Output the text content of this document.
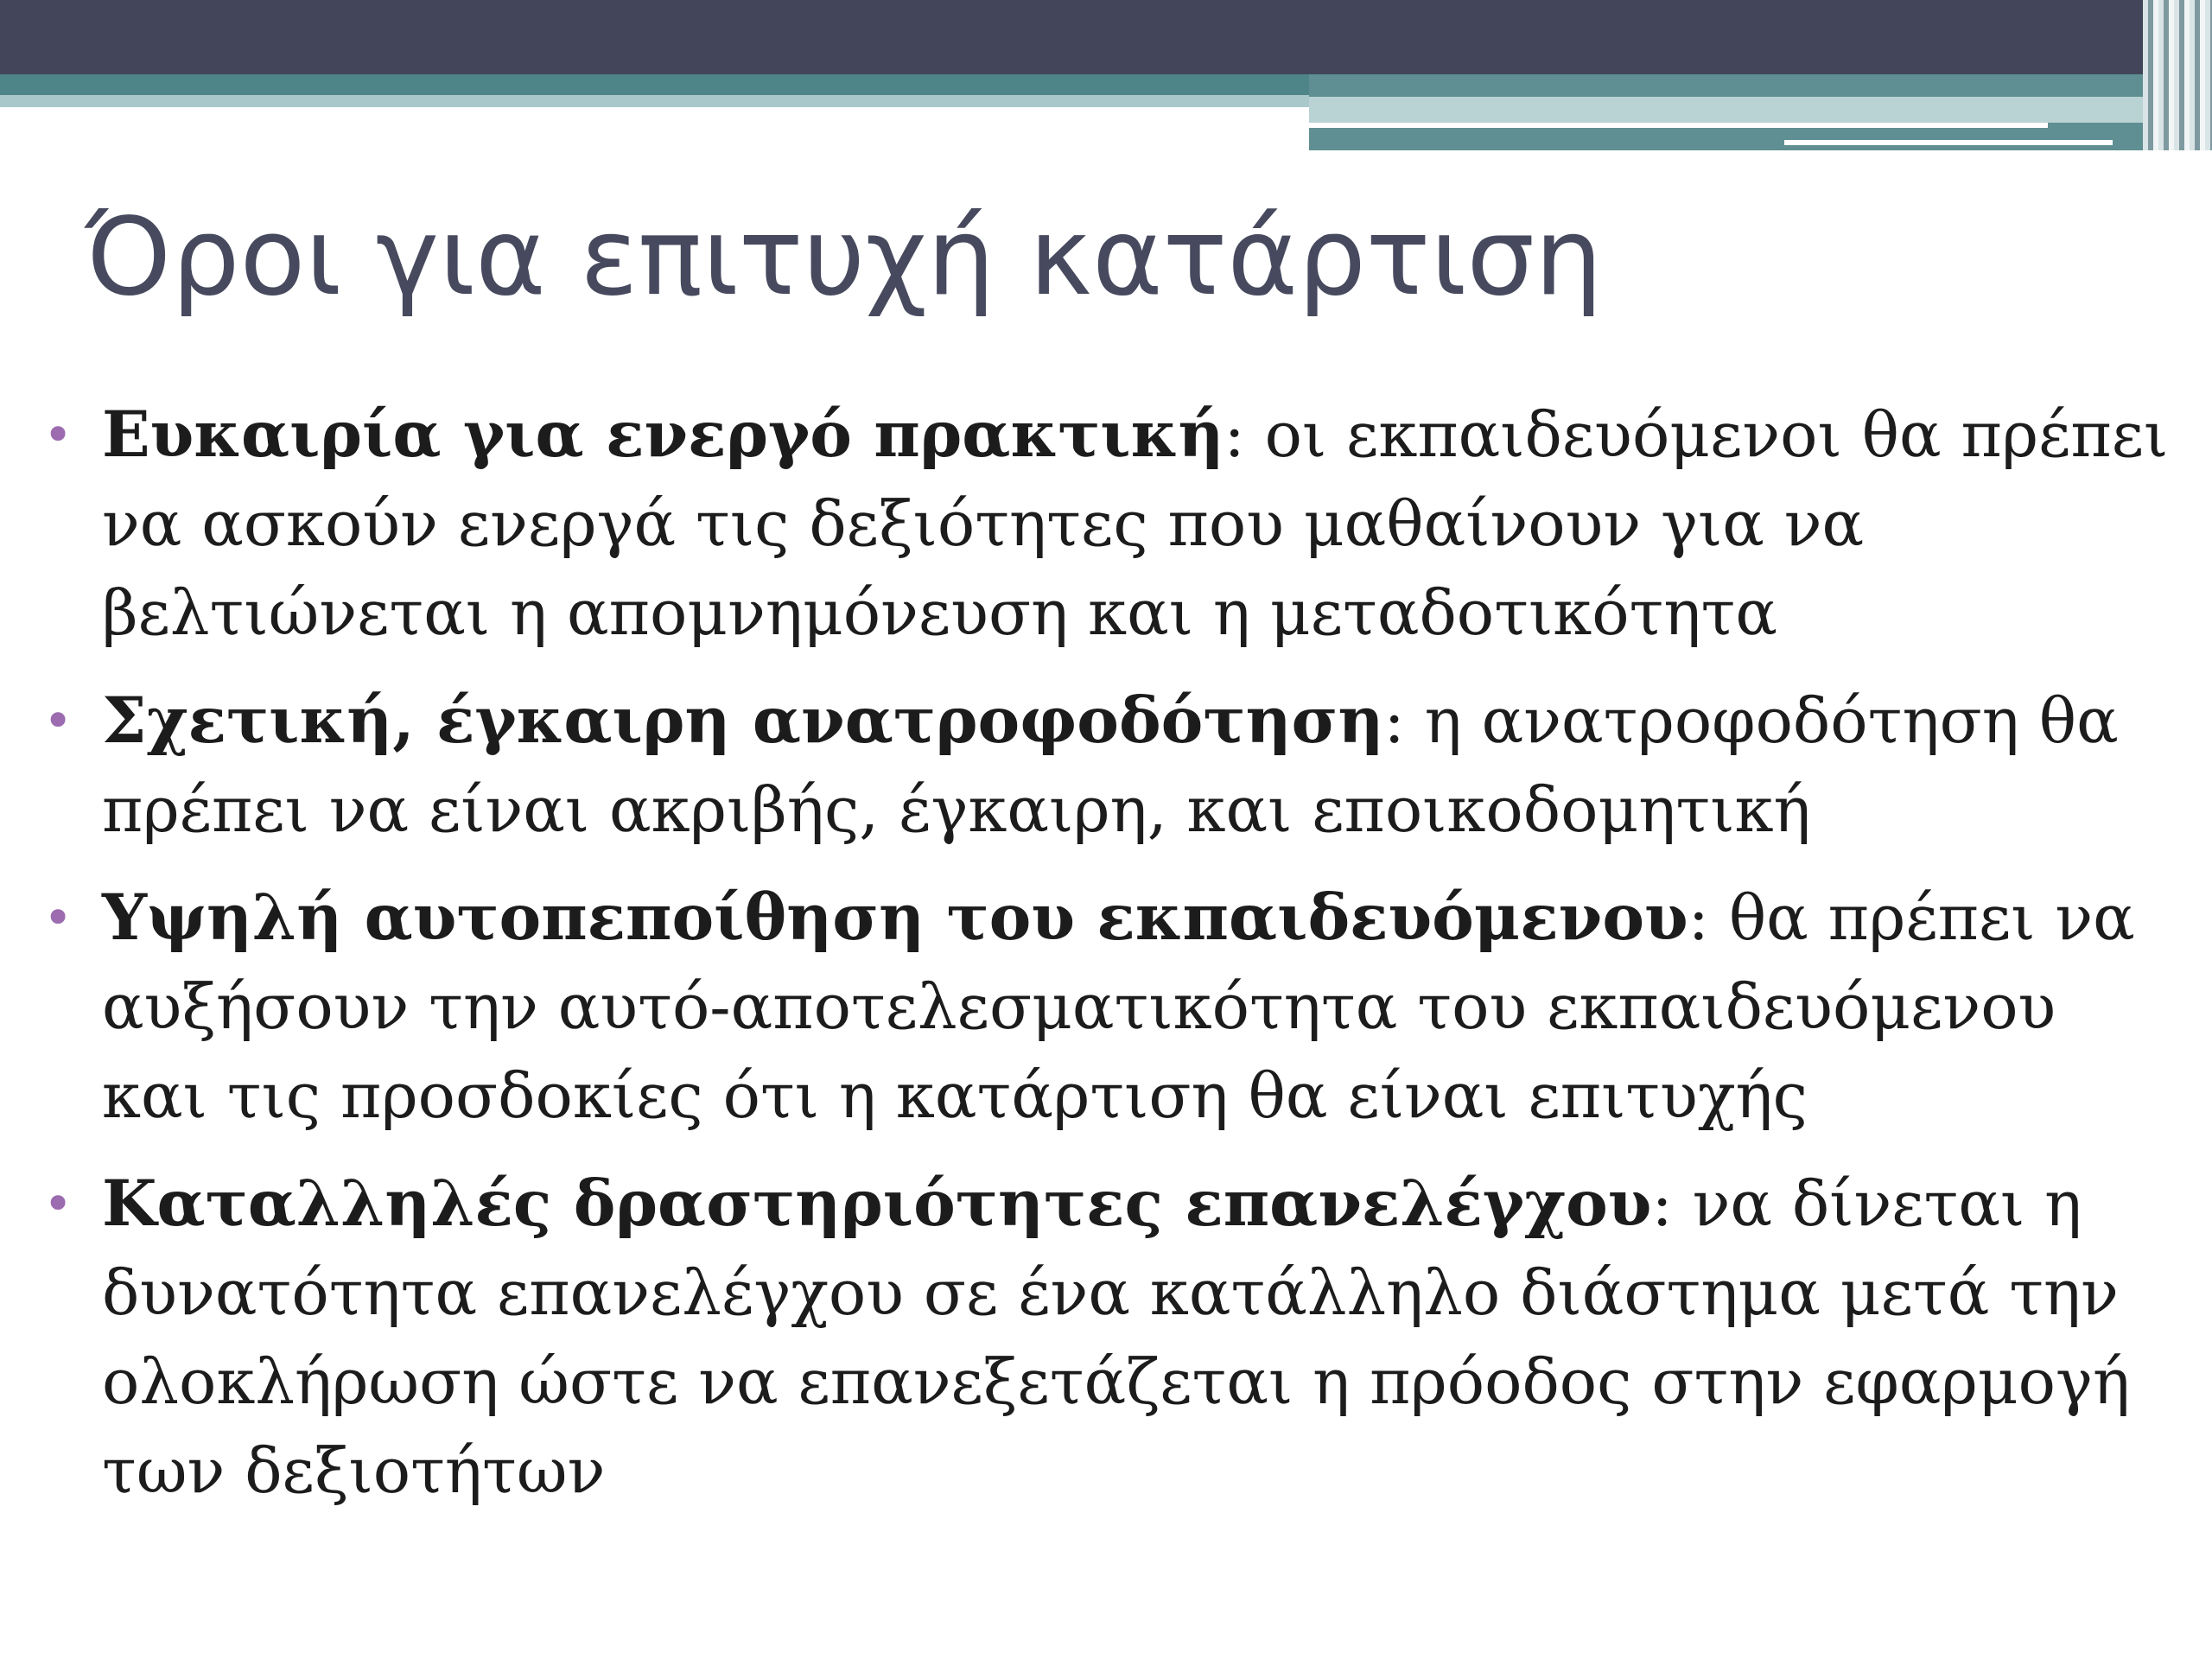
Όροι για επιτυχή κατάρτιση
• Ευκαιρία για ενεργό πρακτική: οι εκπαιδευόμενοι θα πρέπει να ασκούν ενεργά τις δεξιότητες που μαθαίνουν για να βελτιώνεται η απομνημόνευση και η μεταδοτικότητα
• Σχετική, έγκαιρη ανατροφοδότηση: η ανατροφοδότηση θα πρέπει να είναι ακριβής, έγκαιρη, και εποικοδομητική
• Υψηλή αυτοπεποίθηση του εκπαιδευόμενου: θα πρέπει να αυξήσουν την αυτό-αποτελεσματικότητα του εκπαιδευόμενου και τις προσδοκίες ότι η κατάρτιση θα είναι επιτυχής
• Καταλληλές δραστηριότητες επανελέγχου: να δίνεται η δυνατότητα επανελέγχου σε ένα κατάλληλο διάστημα μετά την ολοκλήρωση ώστε να επανεξετάζεται η πρόοδος στην εφαρμογή των δεξιοτήτων
